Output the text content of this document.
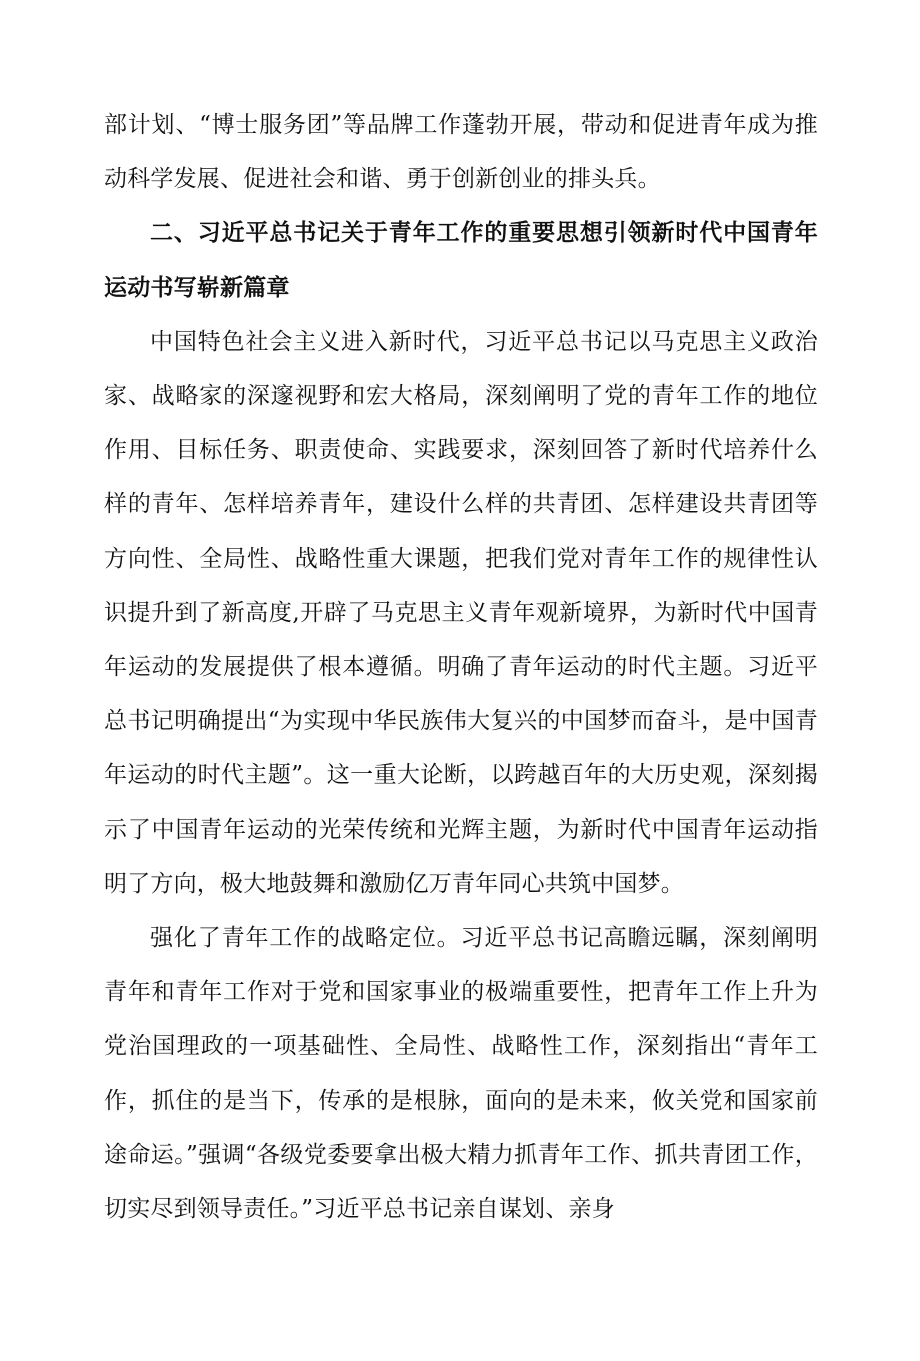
部计划、“博士服务团”等品牌工作蓬勃开展，带动和促进青年成为推动科学发展、促进社会和谐、勇于创新创业的排头兵。

二、习近平总书记关于青年工作的重要思想引领新时代中国青年运动书写崭新篇章

中国特色社会主义进入新时代，习近平总书记以马克思主义政治家、战略家的深邃视野和宏大格局，深刻阐明了党的青年工作的地位作用、目标任务、职责使命、实践要求，深刻回答了新时代培养什么样的青年、怎样培养青年，建设什么样的共青团、怎样建设共青团等方向性、全局性、战略性重大课题，把我们党对青年工作的规律性认识提升到了新高度,开辟了马克思主义青年观新境界，为新时代中国青年运动的发展提供了根本遵循。明确了青年运动的时代主题。习近平总书记明确提出“为实现中华民族伟大复兴的中国梦而奋斗，是中国青年运动的时代主题”。这一重大论断，以跨越百年的大历史观，深刻揭示了中国青年运动的光荣传统和光辉主题，为新时代中国青年运动指明了方向，极大地鼓舞和激励亿万青年同心共筑中国梦。

强化了青年工作的战略定位。习近平总书记高瞻远瞩，深刻阐明青年和青年工作对于党和国家事业的极端重要性，把青年工作上升为党治国理政的一项基础性、全局性、战略性工作，深刻指出“青年工作，抓住的是当下，传承的是根脉，面向的是未来，攸关党和国家前途命运。”强调“各级党委要拿出极大精力抓青年工作、抓共青团工作，切实尽到领导责任。”习近平总书记亲自谋划、亲身
